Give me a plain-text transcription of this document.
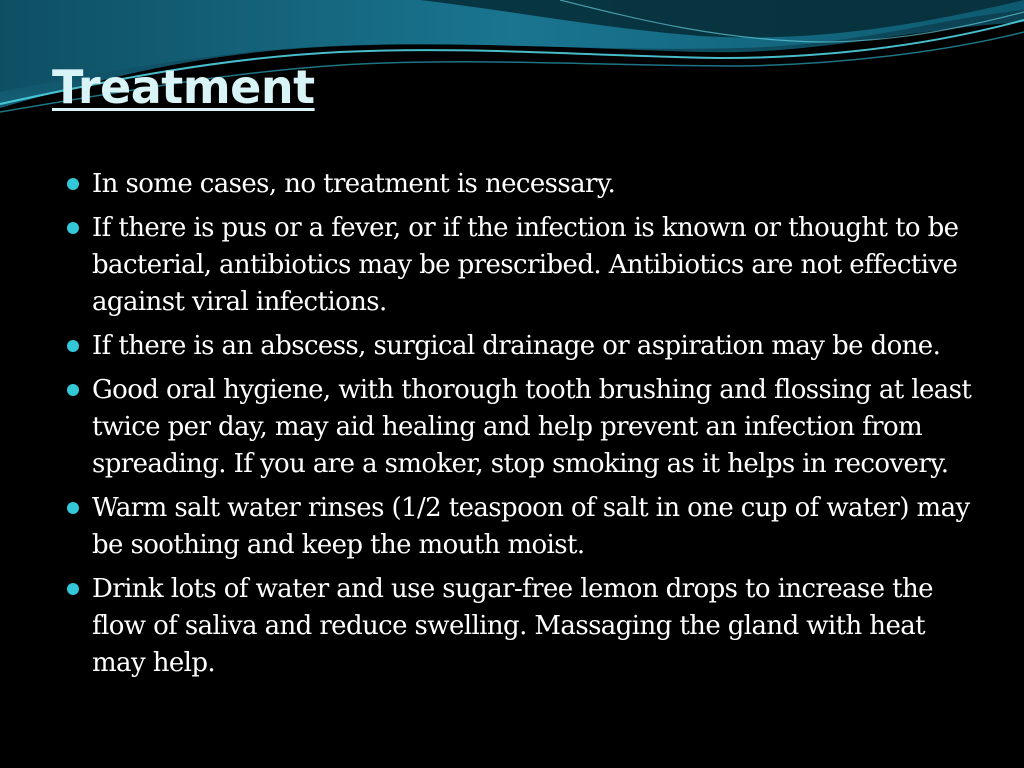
Treatment
In some cases, no treatment is necessary.
If there is pus or a fever, or if the infection is known or thought to be bacterial, antibiotics may be prescribed. Antibiotics are not effective against viral infections.
If there is an abscess, surgical drainage or aspiration may be done.
Good oral hygiene, with thorough tooth brushing and flossing at least twice per day, may aid healing and help prevent an infection from spreading. If you are a smoker, stop smoking as it helps in recovery.
Warm salt water rinses (1/2 teaspoon of salt in one cup of water) may be soothing and keep the mouth moist.
Drink lots of water and use sugar-free lemon drops to increase the flow of saliva and reduce swelling. Massaging the gland with heat may help.
